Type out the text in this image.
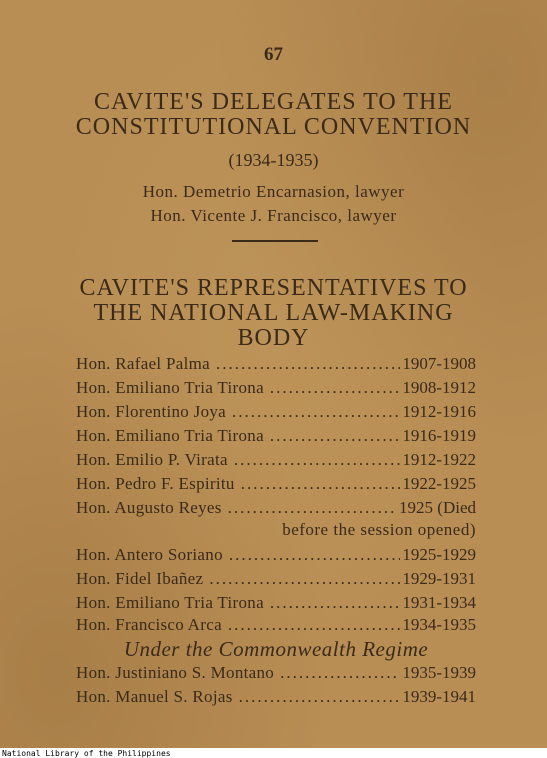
67
CAVITE'S DELEGATES TO THE
CONSTITUTIONAL CONVENTION
(1934-1935)
Hon. Demetrio Encarnasion, lawyer
Hon. Vicente J. Francisco, lawyer
CAVITE'S REPRESENTATIVES TO
THE NATIONAL LAW-MAKING
BODY
Hon. Rafael Palma .....	1907-1908
Hon. Emiliano Tria Tirona .....	1908-1912
Hon. Florentino Joya .....	1912-1916
Hon. Emiliano Tria Tirona .....	1916-1919
Hon. Emilio P. Virata .....	1912-1922
Hon. Pedro F. Espiritu .....	1922-1925
Hon. Augusto Reyes .....	1925 (Died
before the session opened)
Hon. Antero Soriano .....	1925-1929
Hon. Fidel Ibañez .....	1929-1931
Hon. Emiliano Tria Tirona .....	1931-1934
Hon. Francisco Arca .....	1934-1935
Under the Commonwealth Regime
Hon. Justiniano S. Montano .....	1935-1939
Hon. Manuel S. Rojas .....	1939-1941
National Library of the Philippines
